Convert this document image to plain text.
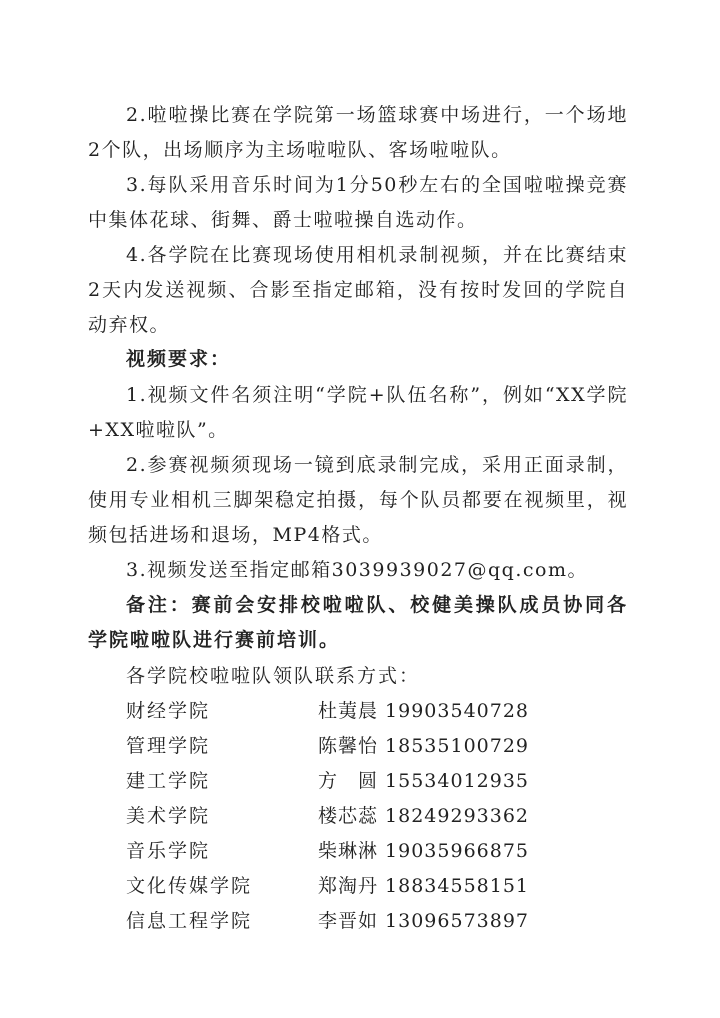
2.啦啦操比赛在学院第一场篮球赛中场进行，一个场地2个队，出场顺序为主场啦啦队、客场啦啦队。

3.每队采用音乐时间为1分50秒左右的全国啦啦操竞赛中集体花球、街舞、爵士啦啦操自选动作。

4.各学院在比赛现场使用相机录制视频，并在比赛结束2天内发送视频、合影至指定邮箱，没有按时发回的学院自动弃权。

视频要求：

1.视频文件名须注明“学院+队伍名称”，例如“XX学院+XX啦啦队”。

2.参赛视频须现场一镜到底录制完成，采用正面录制，使用专业相机三脚架稳定拍摄，每个队员都要在视频里，视频包括进场和退场，MP4格式。

3.视频发送至指定邮箱3039939027@qq.com。

备注：赛前会安排校啦啦队、校健美操队成员协同各学院啦啦队进行赛前培训。

各学院校啦啦队领队联系方式：

财经学院	杜荑晨 19903540728
管理学院	陈馨怡 18535100729
建工学院	方　圆 15534012935
美术学院	楼芯蕊 18249293362
音乐学院	柴琳淋 19035966875
文化传媒学院	郑淘丹 18834558151
信息工程学院	李晋如 13096573897
